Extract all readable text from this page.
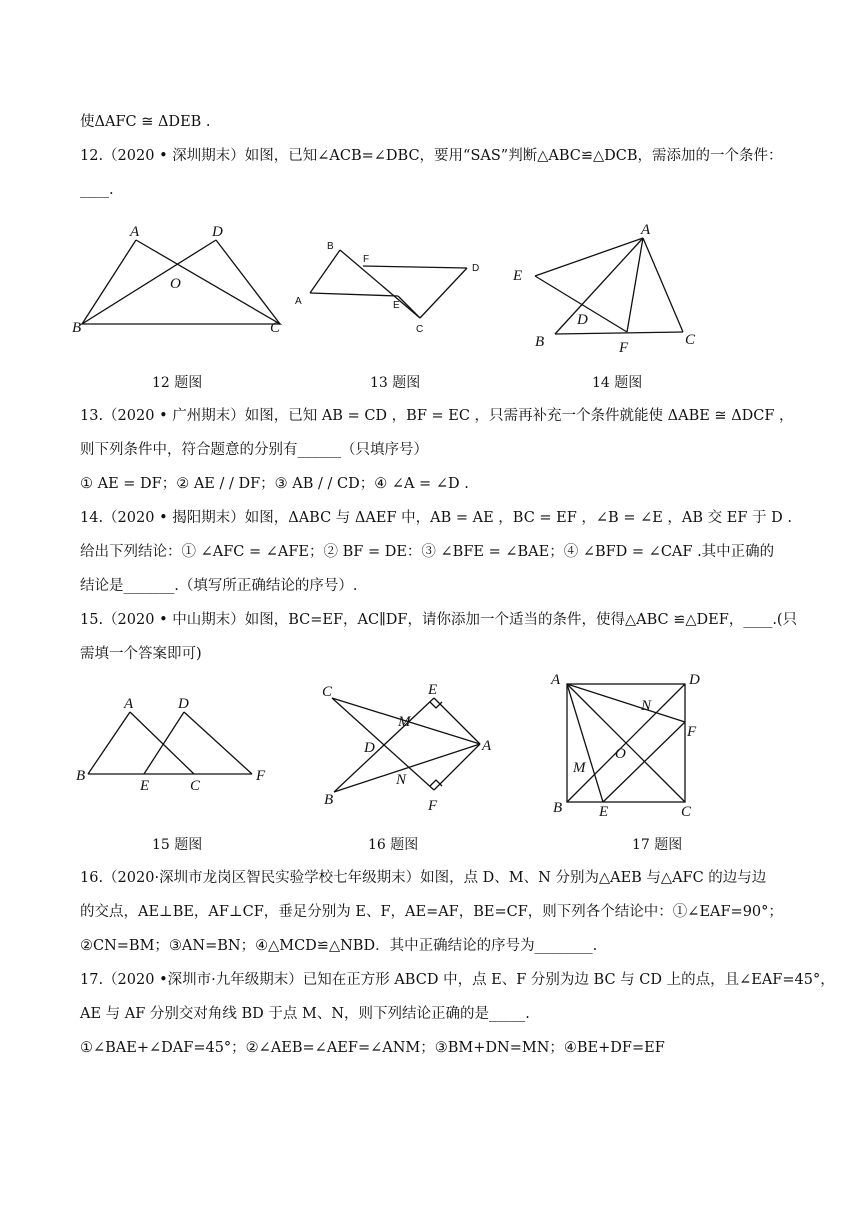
使ΔAFC ≅ ΔDEB .
12.（2020 • 深圳期末）如图，已知∠ACB=∠DBC，要用“SAS”判断△ABC≌△DCB，需添加的一个条件：
____.
A	D
O
B	C
B
F
D
A	E
C
A
E
D
B	F	C
12 题图	13 题图	14 题图
13.（2020 • 广州期末）如图，已知 AB = CD ，BF = EC ，只需再补充一个条件就能使 ΔABE ≅ ΔDCF ，
则下列条件中，符合题意的分别有______（只填序号）
① AE = DF；② AE / / DF；③ AB / / CD；④ ∠A = ∠D .
14.（2020 • 揭阳期末）如图，ΔABC 与 ΔAEF 中，AB = AE ，BC = EF ，∠B = ∠E ，AB 交 EF 于 D .
给出下列结论：① ∠AFC = ∠AFE；② BF = DE：③ ∠BFE = ∠BAE；④ ∠BFD = ∠CAF .其中正确的
结论是_______.（填写所正确结论的序号）.
15.（2020 • 中山期末）如图，BC=EF，AC∥DF，请你添加一个适当的条件，使得△ABC ≌△DEF，____.(只
需填一个答案即可)
A	D
B
E	C
F
C	E
M
D	A
N
B	F
A	D
N
F
O
M
B E	C
15 题图	16 题图	17 题图
16.（2020·深圳市龙岗区智民实验学校七年级期末）如图，点 D、M、N 分别为△AEB 与△AFC 的边与边
的交点，AE⊥BE，AF⊥CF，垂足分别为 E、F，AE=AF，BE=CF，则下列各个结论中：①∠EAF=90°；
②CN=BM；③AN=BN；④△MCD≌△NBD．其中正确结论的序号为________.
17.（2020 •深圳市·九年级期末）已知在正方形 ABCD 中，点 E、F 分别为边 BC 与 CD 上的点，且∠EAF=45°，
AE 与 AF 分别交对角线 BD 于点 M、N，则下列结论正确的是_____.
①∠BAE+∠DAF=45°；②∠AEB=∠AEF=∠ANM；③BM+DN=MN；④BE+DF=EF
